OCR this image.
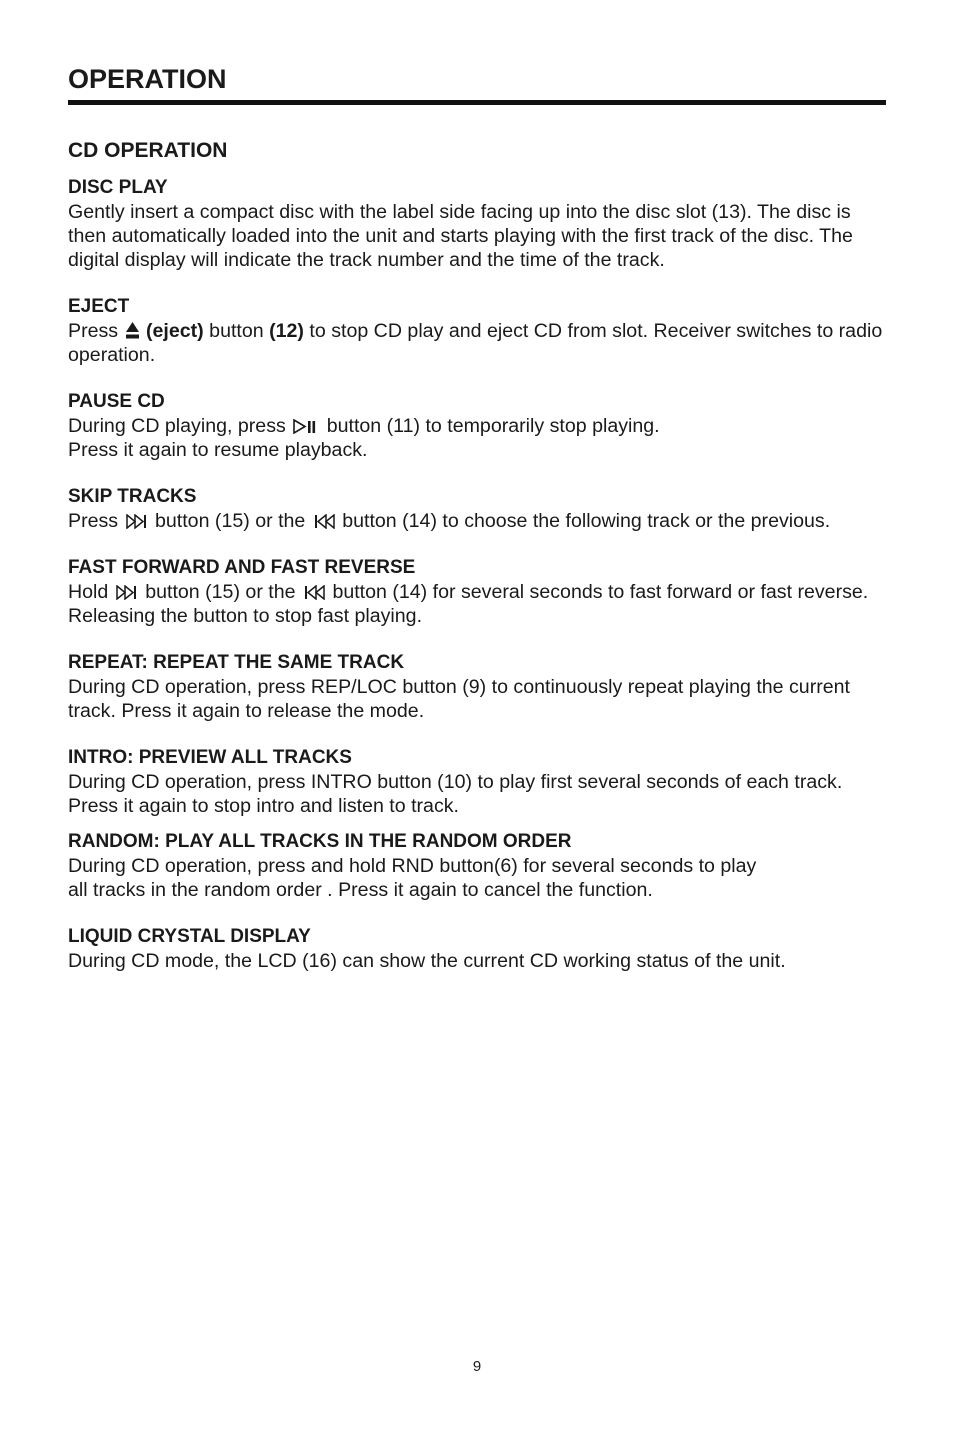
OPERATION
CD OPERATION
DISC PLAY

Gently insert a compact disc with the label side facing up into the disc slot (13). The disc is then automatically loaded into the unit and starts playing with the first track of the disc. The digital display will indicate the track number and the time of the track.

EJECT

Press (eject) button (12) to stop CD play and eject CD from slot. Receiver switches to radio operation.

PAUSE CD

During CD playing, press button (11) to temporarily stop playing.
Press it again to resume playback.

SKIP TRACKS

Press button (15) or the button (14) to choose the following track or the previous.

FAST FORWARD AND FAST REVERSE

Hold button (15) or the button (14) for several seconds to fast forward or fast reverse. Releasing the button to stop fast playing.

REPEAT: REPEAT THE SAME TRACK

During CD operation, press REP/LOC button (9) to continuously repeat playing the current track. Press it again to release the mode.

INTRO: PREVIEW ALL TRACKS

During CD operation, press INTRO button (10) to play first several seconds of each track. Press it again to stop intro and listen to track.

RANDOM: PLAY ALL TRACKS IN THE RANDOM ORDER

During CD operation, press and hold RND button(6) for several seconds to play
all tracks in the random order . Press it again to cancel the function.

LIQUID CRYSTAL DISPLAY

During CD mode, the LCD (16) can show the current CD working status of the unit.

9
